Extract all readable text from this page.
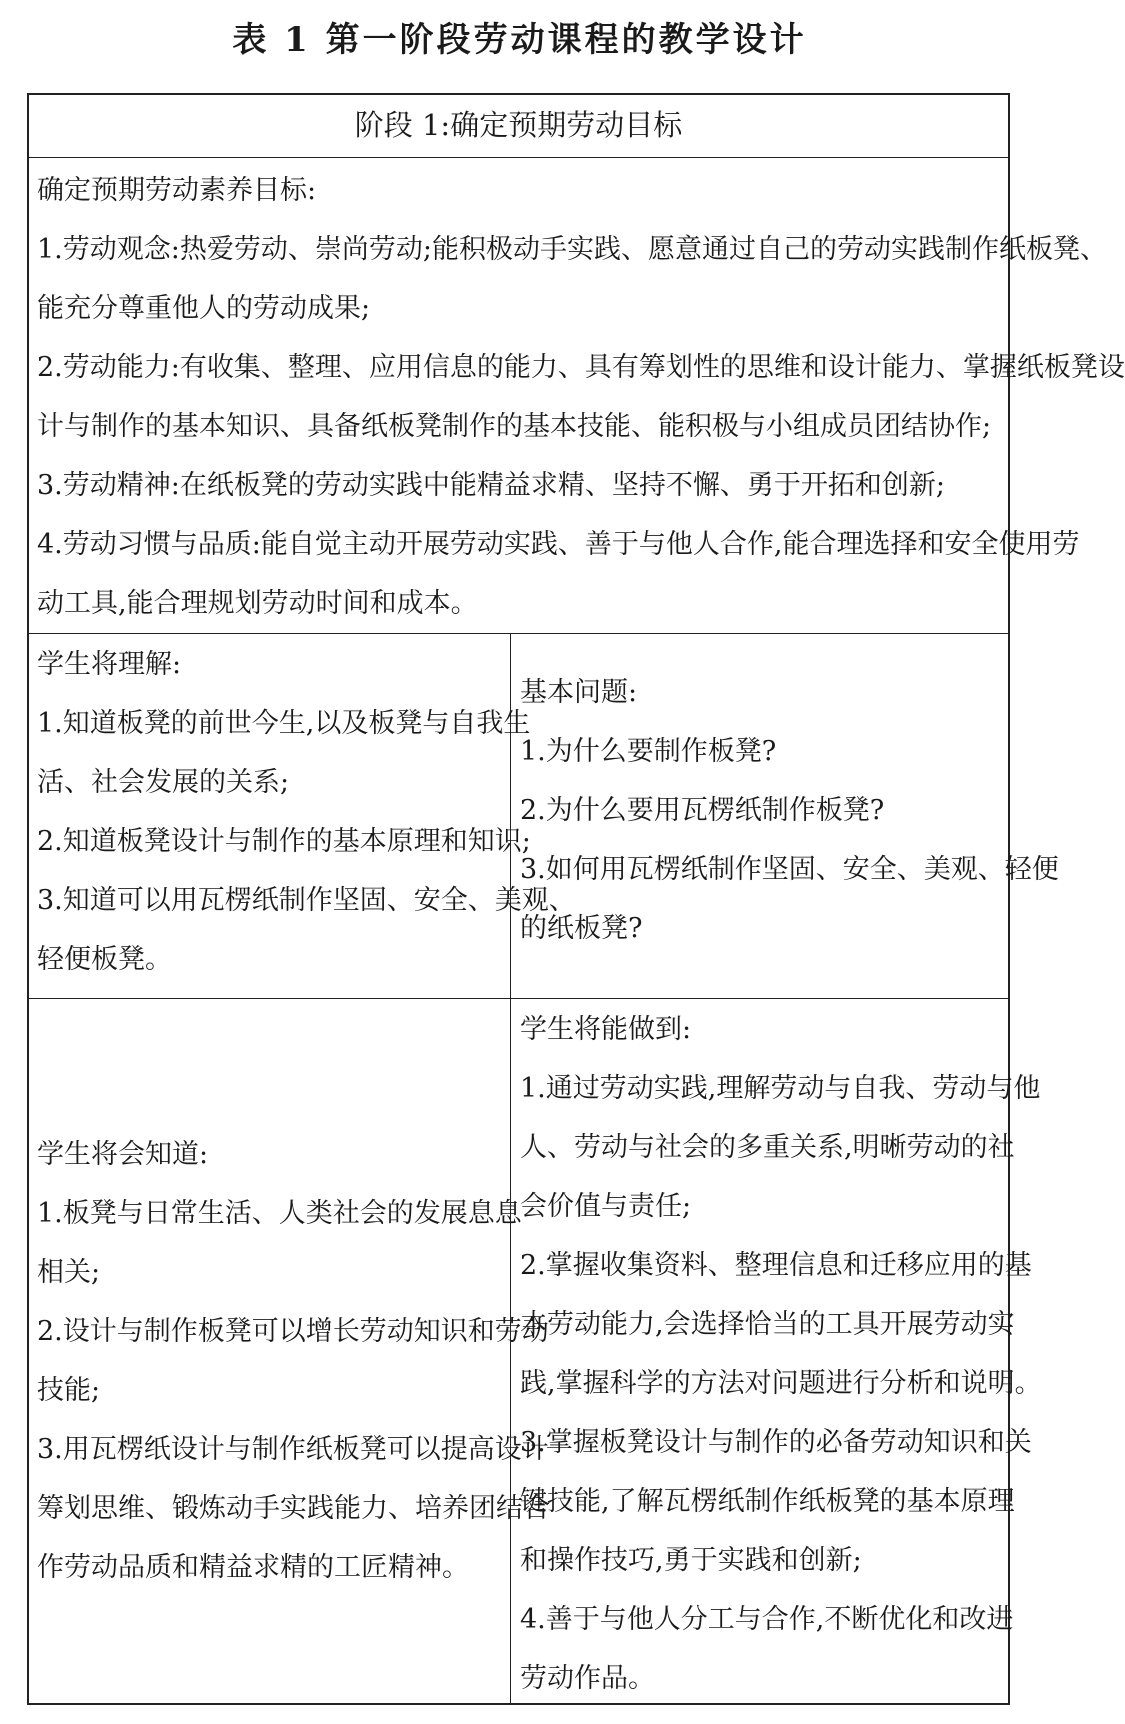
表 1 第一阶段劳动课程的教学设计
阶段 1:确定预期劳动目标

确定预期劳动素养目标:

1.劳动观念:热爱劳动、崇尚劳动;能积极动手实践、愿意通过自己的劳动实践制作纸板凳、

能充分尊重他人的劳动成果;

2.劳动能力:有收集、整理、应用信息的能力、具有筹划性的思维和设计能力、掌握纸板凳设

计与制作的基本知识、具备纸板凳制作的基本技能、能积极与小组成员团结协作;

3.劳动精神:在纸板凳的劳动实践中能精益求精、坚持不懈、勇于开拓和创新;

4.劳动习惯与品质:能自觉主动开展劳动实践、善于与他人合作,能合理选择和安全使用劳

动工具,能合理规划劳动时间和成本。

学生将理解:

1.知道板凳的前世今生,以及板凳与自我生

活、社会发展的关系;

2.知道板凳设计与制作的基本原理和知识;

3.知道可以用瓦楞纸制作坚固、安全、美观、

轻便板凳。

基本问题:

1.为什么要制作板凳?

2.为什么要用瓦楞纸制作板凳?

3.如何用瓦楞纸制作坚固、安全、美观、轻便

的纸板凳?

学生将会知道:

1.板凳与日常生活、人类社会的发展息息

相关;

2.设计与制作板凳可以增长劳动知识和劳动

技能;

3.用瓦楞纸设计与制作纸板凳可以提高设计

筹划思维、锻炼动手实践能力、培养团结合

作劳动品质和精益求精的工匠精神。

学生将能做到:

1.通过劳动实践,理解劳动与自我、劳动与他

人、劳动与社会的多重关系,明晰劳动的社

会价值与责任;

2.掌握收集资料、整理信息和迁移应用的基

本劳动能力,会选择恰当的工具开展劳动实

践,掌握科学的方法对问题进行分析和说明。

3.掌握板凳设计与制作的必备劳动知识和关

键技能,了解瓦楞纸制作纸板凳的基本原理

和操作技巧,勇于实践和创新;

4.善于与他人分工与合作,不断优化和改进

劳动作品。
